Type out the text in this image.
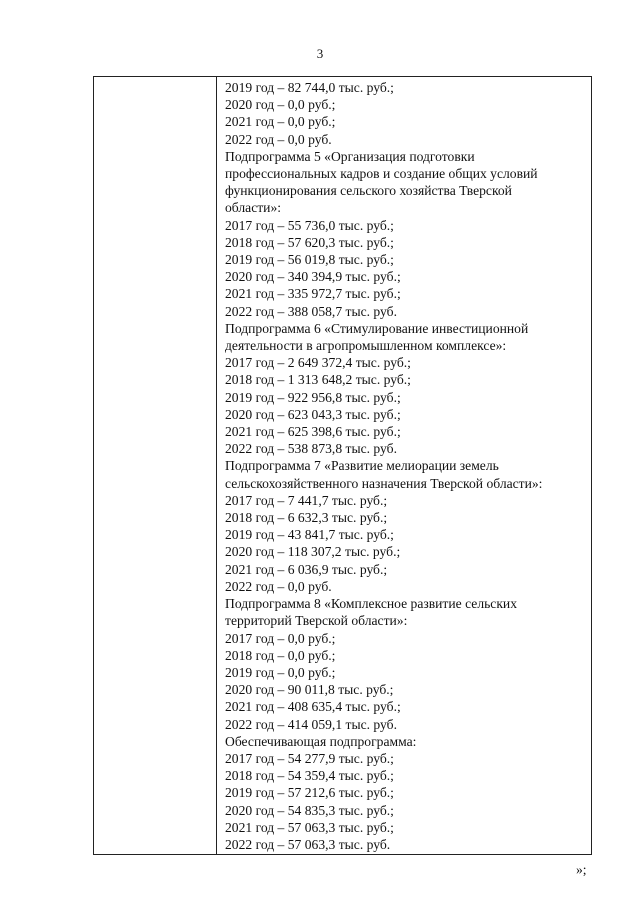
3

2019 год – 82 744,0 тыс. руб.;

2020 год – 0,0 руб.;

2021 год – 0,0 руб.;

2022 год – 0,0 руб.

Подпрограмма 5 «Организация подготовки

профессиональных кадров и создание общих условий

функционирования сельского хозяйства Тверской

области»:

2017 год – 55 736,0 тыс. руб.;

2018 год – 57 620,3 тыс. руб.;

2019 год – 56 019,8 тыс. руб.;

2020 год – 340 394,9 тыс. руб.;

2021 год – 335 972,7 тыс. руб.;

2022 год – 388 058,7 тыс. руб.

Подпрограмма 6 «Стимулирование инвестиционной

деятельности в агропромышленном комплексе»:

2017 год – 2 649 372,4 тыс. руб.;

2018 год – 1 313 648,2 тыс. руб.;

2019 год – 922 956,8 тыс. руб.;

2020 год – 623 043,3 тыс. руб.;

2021 год – 625 398,6 тыс. руб.;

2022 год – 538 873,8 тыс. руб.

Подпрограмма 7 «Развитие мелиорации земель

сельскохозяйственного назначения Тверской области»:

2017 год – 7 441,7 тыс. руб.;

2018 год – 6 632,3 тыс. руб.;

2019 год – 43 841,7 тыс. руб.;

2020 год – 118 307,2 тыс. руб.;

2021 год – 6 036,9 тыс. руб.;

2022 год – 0,0 руб.

Подпрограмма 8 «Комплексное развитие сельских

территорий Тверской области»:

2017 год – 0,0 руб.;

2018 год – 0,0 руб.;

2019 год – 0,0 руб.;

2020 год – 90 011,8 тыс. руб.;

2021 год – 408 635,4 тыс. руб.;

2022 год – 414 059,1 тыс. руб.

Обеспечивающая подпрограмма:

2017 год – 54 277,9 тыс. руб.;

2018 год – 54 359,4 тыс. руб.;

2019 год – 57 212,6 тыс. руб.;

2020 год – 54 835,3 тыс. руб.;

2021 год – 57 063,3 тыс. руб.;

2022 год – 57 063,3 тыс. руб.

»;
